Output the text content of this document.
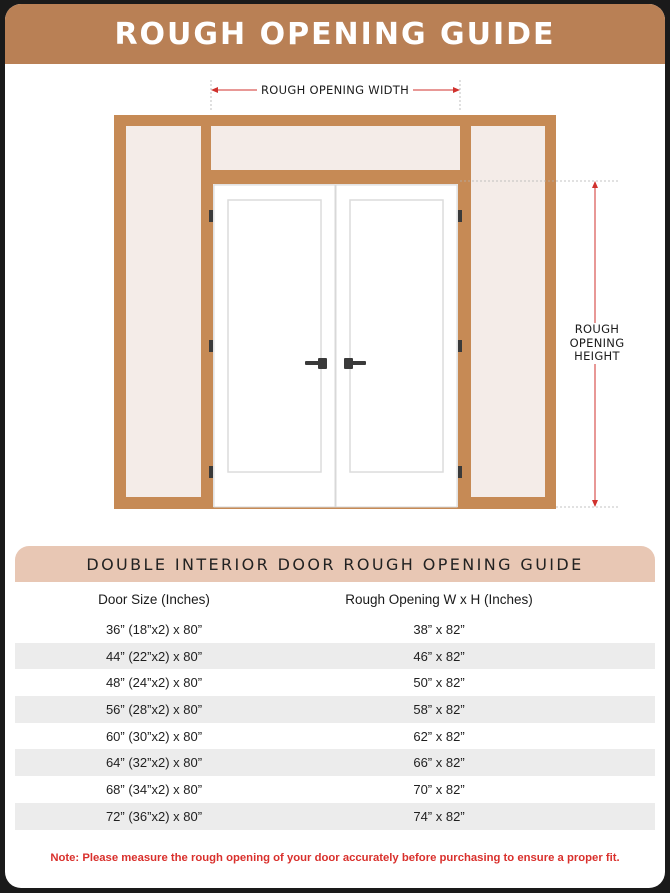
ROUGH OPENING GUIDE
ROUGH OPENING WIDTH
ROUGH
OPENING
HEIGHT
DOUBLE INTERIOR DOOR ROUGH OPENING GUIDE
Door Size (Inches)	Rough Opening W x H (Inches)
36” (18”x2) x 80”	38” x 82”
44” (22”x2) x 80”	46” x 82”
48” (24”x2) x 80”	50” x 82”
56” (28”x2) x 80”	58” x 82”
60” (30”x2) x 80”	62” x 82”
64” (32”x2) x 80”	66” x 82”
68” (34”x2) x 80”	70” x 82”
72” (36”x2) x 80”	74” x 82”
Note: Please measure the rough opening of your door accurately before purchasing to ensure a proper fit.
